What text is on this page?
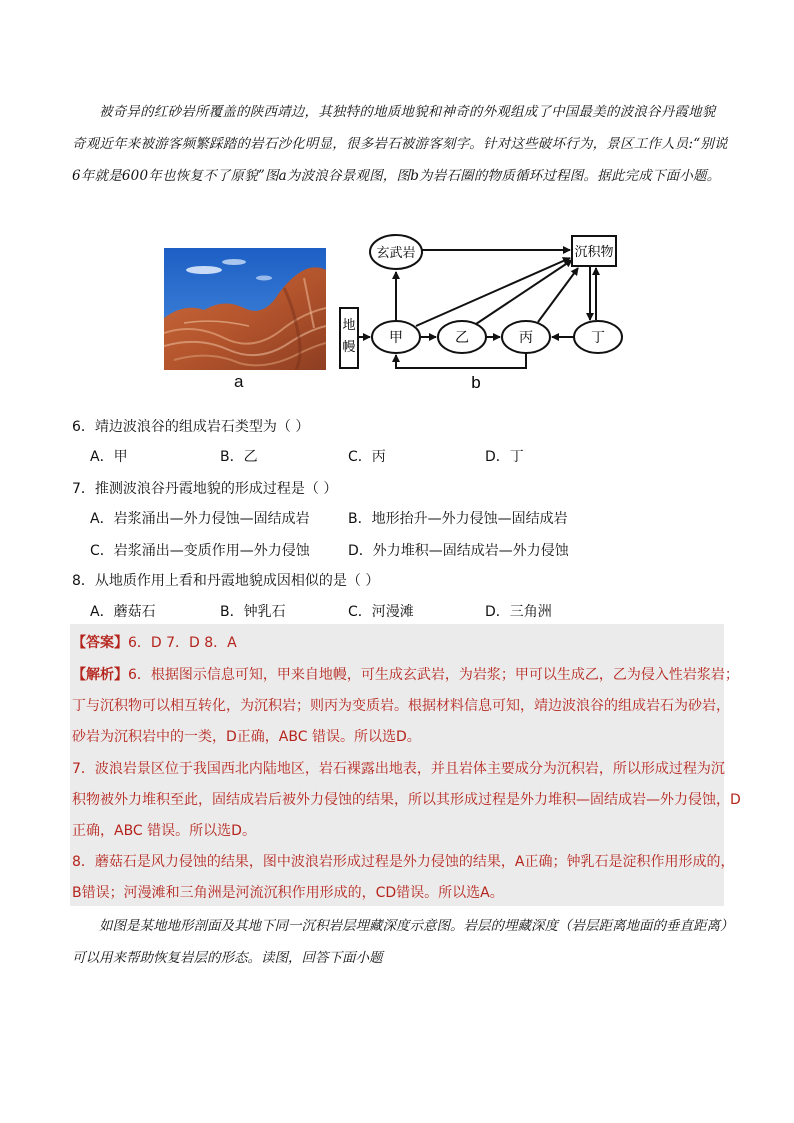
被奇异的红砂岩所覆盖的陕西靖边，其独特的地质地貌和神奇的外观组成了中国最美的波浪谷丹霞地貌奇观近年来被游客频繁踩踏的岩石沙化明显，很多岩石被游客刻字。针对这些破坏行为，景区工作人员:“别说6年就是600年也恢复不了原貌”图a为波浪谷景观图，图b为岩石圈的物质循环过程图。据此完成下面小题。
a
地
幔
玄武岩	沉积物
甲	乙	丙	丁
b
6．靖边波浪谷的组成岩石类型为（ ）
A．甲	B．乙	C．丙	D．丁
7．推测波浪谷丹霞地貌的形成过程是（ ）
A．岩浆涌出—外力侵蚀—固结成岩	B．地形抬升—外力侵蚀—固结成岩
C．岩浆涌出—变质作用—外力侵蚀	D．外力堆积—固结成岩—外力侵蚀
8．从地质作用上看和丹霞地貌成因相似的是（ ）
A．蘑菇石	B．钟乳石	C．河漫滩	D．三角洲
【答案】6．D 7．D 8．A
【解析】6．根据图示信息可知，甲来自地幔，可生成玄武岩，为岩浆；甲可以生成乙，乙为侵入性岩浆岩；
丁与沉积物可以相互转化，为沉积岩；则丙为变质岩。根据材料信息可知，靖边波浪谷的组成岩石为砂岩，
砂岩为沉积岩中的一类，D正确，ABC 错误。所以选D。
7．波浪岩景区位于我国西北内陆地区，岩石裸露出地表，并且岩体主要成分为沉积岩，所以形成过程为沉
积物被外力堆积至此，固结成岩后被外力侵蚀的结果，所以其形成过程是外力堆积—固结成岩—外力侵蚀，D
正确，ABC 错误。所以选D。
8．蘑菇石是风力侵蚀的结果，图中波浪岩形成过程是外力侵蚀的结果，A正确；钟乳石是淀积作用形成的，
B错误；河漫滩和三角洲是河流沉积作用形成的，CD错误。所以选A。
如图是某地地形剖面及其地下同一沉积岩层埋藏深度示意图。岩层的埋藏深度（岩层距离地面的垂直距离）可以用来帮助恢复岩层的形态。读图，回答下面小题
